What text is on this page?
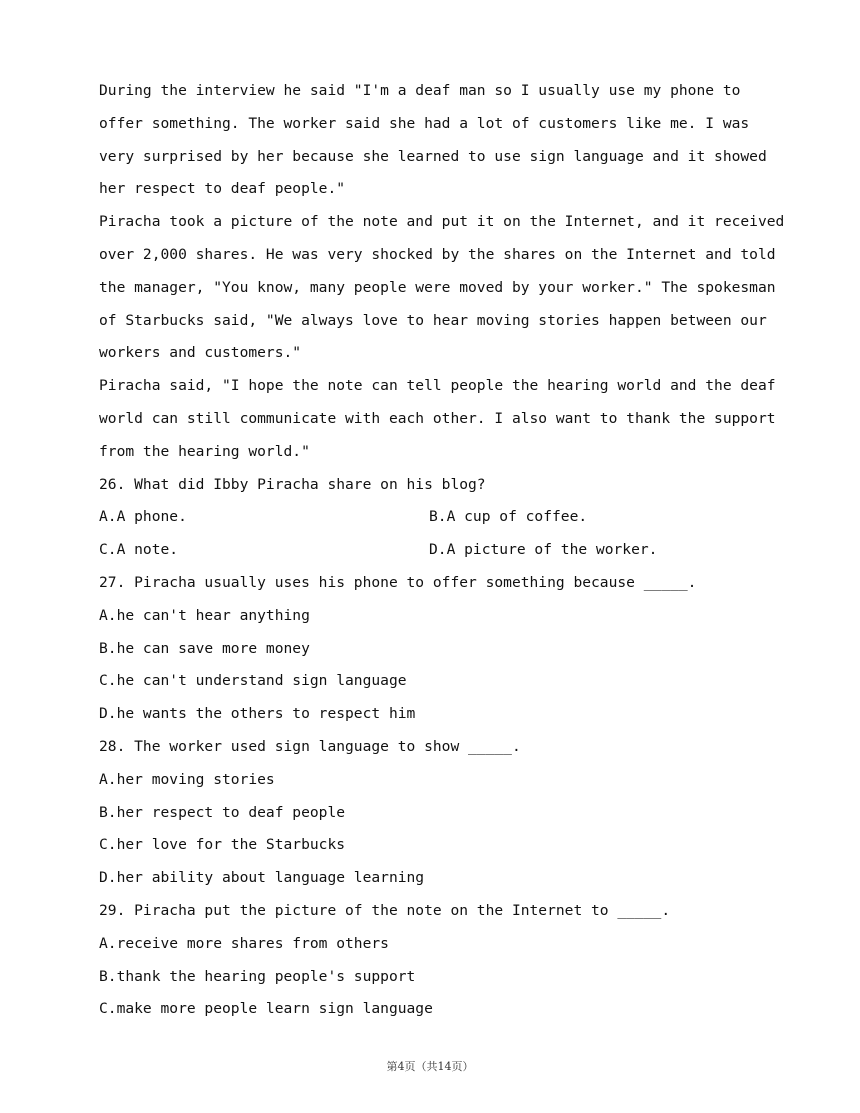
During the interview he said "I'm a deaf man so I usually use my phone to
offer something. The worker said she had a lot of customers like me. I was
very surprised by her because she learned to use sign language and it showed
her respect to deaf people."
Piracha took a picture of the note and put it on the Internet, and it received
over 2,000 shares. He was very shocked by the shares on the Internet and told
the manager, "You know, many people were moved by your worker." The spokesman
of Starbucks said, "We always love to hear moving stories happen between our
workers and customers."
Piracha said, "I hope the note can tell people the hearing world and the deaf
world can still communicate with each other. I also want to thank the support
from the hearing world."
26. What did Ibby Piracha share on his blog?
A.A phone.	B.A cup of coffee.
C.A note.	D.A picture of the worker.
27. Piracha usually uses his phone to offer something because _____.
A.he can't hear anything
B.he can save more money
C.he can't understand sign language
D.he wants the others to respect him
28. The worker used sign language to show _____.
A.her moving stories
B.her respect to deaf people
C.her love for the Starbucks
D.her ability about language learning
29. Piracha put the picture of the note on the Internet to _____.
A.receive more shares from others
B.thank the hearing people's support
C.make more people learn sign language
第4页（共14页）
